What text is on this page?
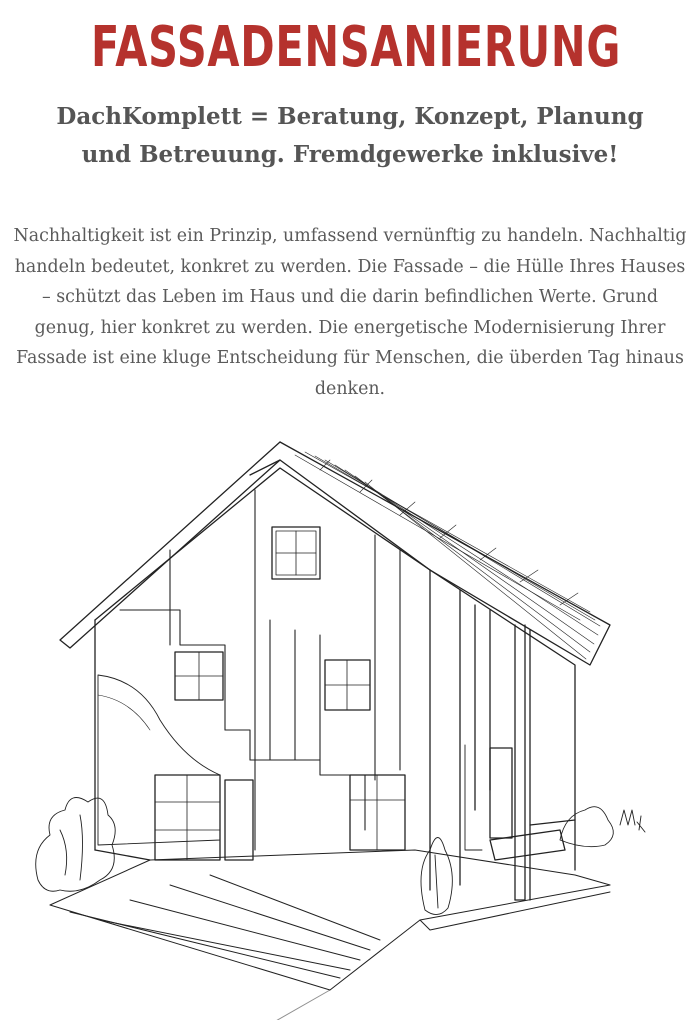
FASSADENSANIERUNG
DachKomplett = Beratung, Konzept, Planung und Betreuung. Fremdgewerke inklusive!

Nachhaltigkeit ist ein Prinzip, umfassend vernünftig zu handeln. Nachhaltig handeln bedeutet, konkret zu werden. Die Fassade – die Hülle Ihres Hauses – schützt das Leben im Haus und die darin befindlichen Werte. Grund genug, hier konkret zu werden. Die energetische Modernisierung Ihrer Fassade ist eine kluge Entscheidung für Menschen, die überden Tag hinaus denken.
